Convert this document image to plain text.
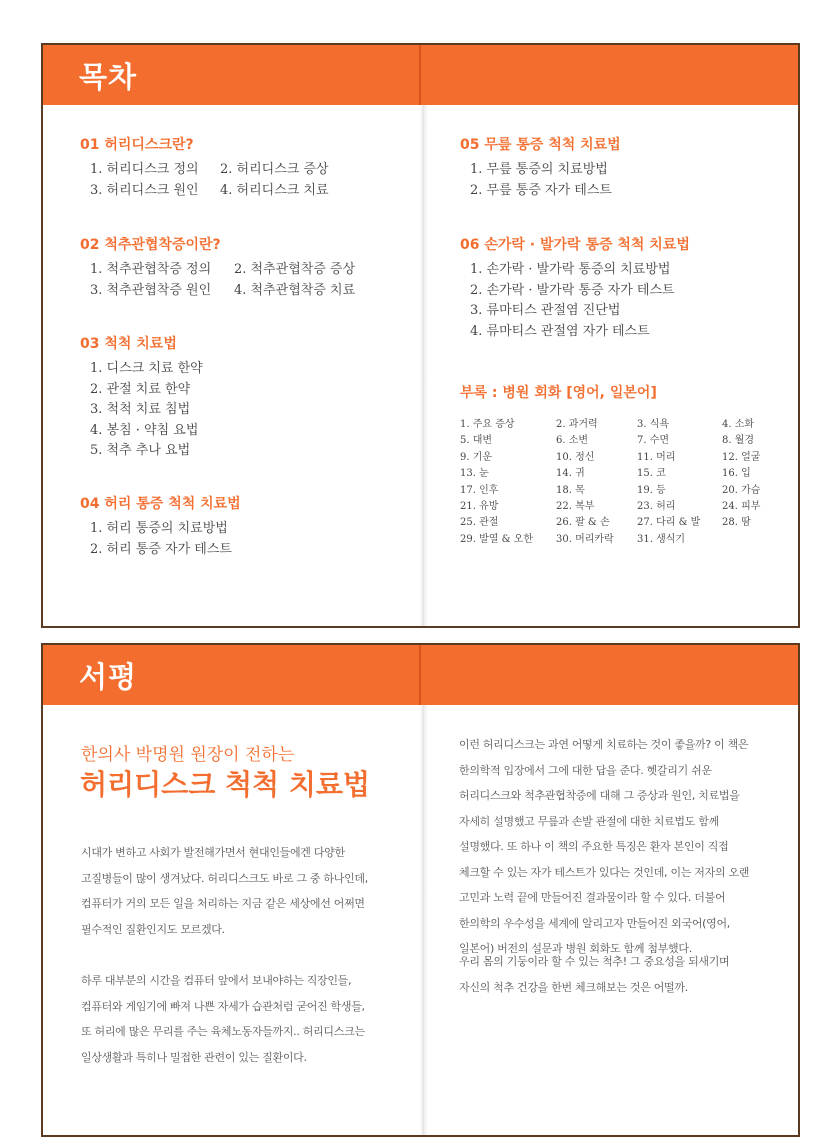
목차
01 허리디스크란?
1. 허리디스크 정의 2. 허리디스크 증상
3. 허리디스크 원인 4. 허리디스크 치료
02 척추관협착증이란?
1. 척추관협착증 정의 2. 척추관협착증 증상
3. 척추관협착증 원인 4. 척추관협착증 치료
03 척척 치료법
1. 디스크 치료 한약
2. 관절 치료 한약
3. 척척 치료 침법
4. 봉침 · 약침 요법
5. 척추 추나 요법
04 허리 통증 척척 치료법
1. 허리 통증의 치료방법
2. 허리 통증 자가 테스트
05 무릎 통증 척척 치료법
1. 무릎 통증의 치료방법
2. 무릎 통증 자가 테스트
06 손가락 · 발가락 통증 척척 치료법
1. 손가락 · 발가락 통증의 치료방법
2. 손가락 · 발가락 통증 자가 테스트
3. 류마티스 관절염 진단법
4. 류마티스 관절염 자가 테스트
부록 : 병원 회화 [영어, 일본어]
1. 주요 증상	2. 과거력	3. 식욕	4. 소화
5. 대변	6. 소변	7. 수면	8. 월경
9. 기운	10. 정신	11. 머리	12. 얼굴
13. 눈	14. 귀	15. 코	16. 입
17. 인후	18. 목	19. 등	20. 가슴
21. 유방	22. 복부	23. 허리	24. 피부
25. 관절	26. 팔 & 손	27. 다리 & 발 28. 땀
29. 발열 & 오한 30. 머리카락 31. 생식기
서평
한의사 박명원 원장이 전하는
허리디스크 척척 치료법
시대가 변하고 사회가 발전해가면서 현대인들에겐 다양한
고질병들이 많이 생겨났다. 허리디스크도 바로 그 중 하나인데,
컴퓨터가 거의 모든 일을 처리하는 지금 같은 세상에선 어쩌면
필수적인 질환인지도 모르겠다.
하루 대부분의 시간을 컴퓨터 앞에서 보내야하는 직장인들,
컴퓨터와 게임기에 빠져 나쁜 자세가 습관처럼 굳어진 학생들,
또 허리에 많은 무리를 주는 육체노동자들까지.. 허리디스크는
일상생활과 특히나 밀접한 관련이 있는 질환이다.
이런 허리디스크는 과연 어떻게 치료하는 것이 좋을까? 이 책은
한의학적 입장에서 그에 대한 답을 준다. 헷갈리기 쉬운
허리디스크와 척추관협착증에 대해 그 증상과 원인, 치료법을
자세히 설명했고 무릎과 손발 관절에 대한 치료법도 함께
설명했다. 또 하나 이 책의 주요한 특징은 환자 본인이 직접
체크할 수 있는 자가 테스트가 있다는 것인데, 이는 저자의 오랜
고민과 노력 끝에 만들어진 결과물이라 할 수 있다. 더불어
한의학의 우수성을 세계에 알리고자 만들어진 외국어(영어,
일본어) 버전의 설문과 병원 회화도 함께 첨부했다.
우리 몸의 기둥이라 할 수 있는 척추! 그 중요성을 되새기며
자신의 척추 건강을 한번 체크해보는 것은 어떨까.
